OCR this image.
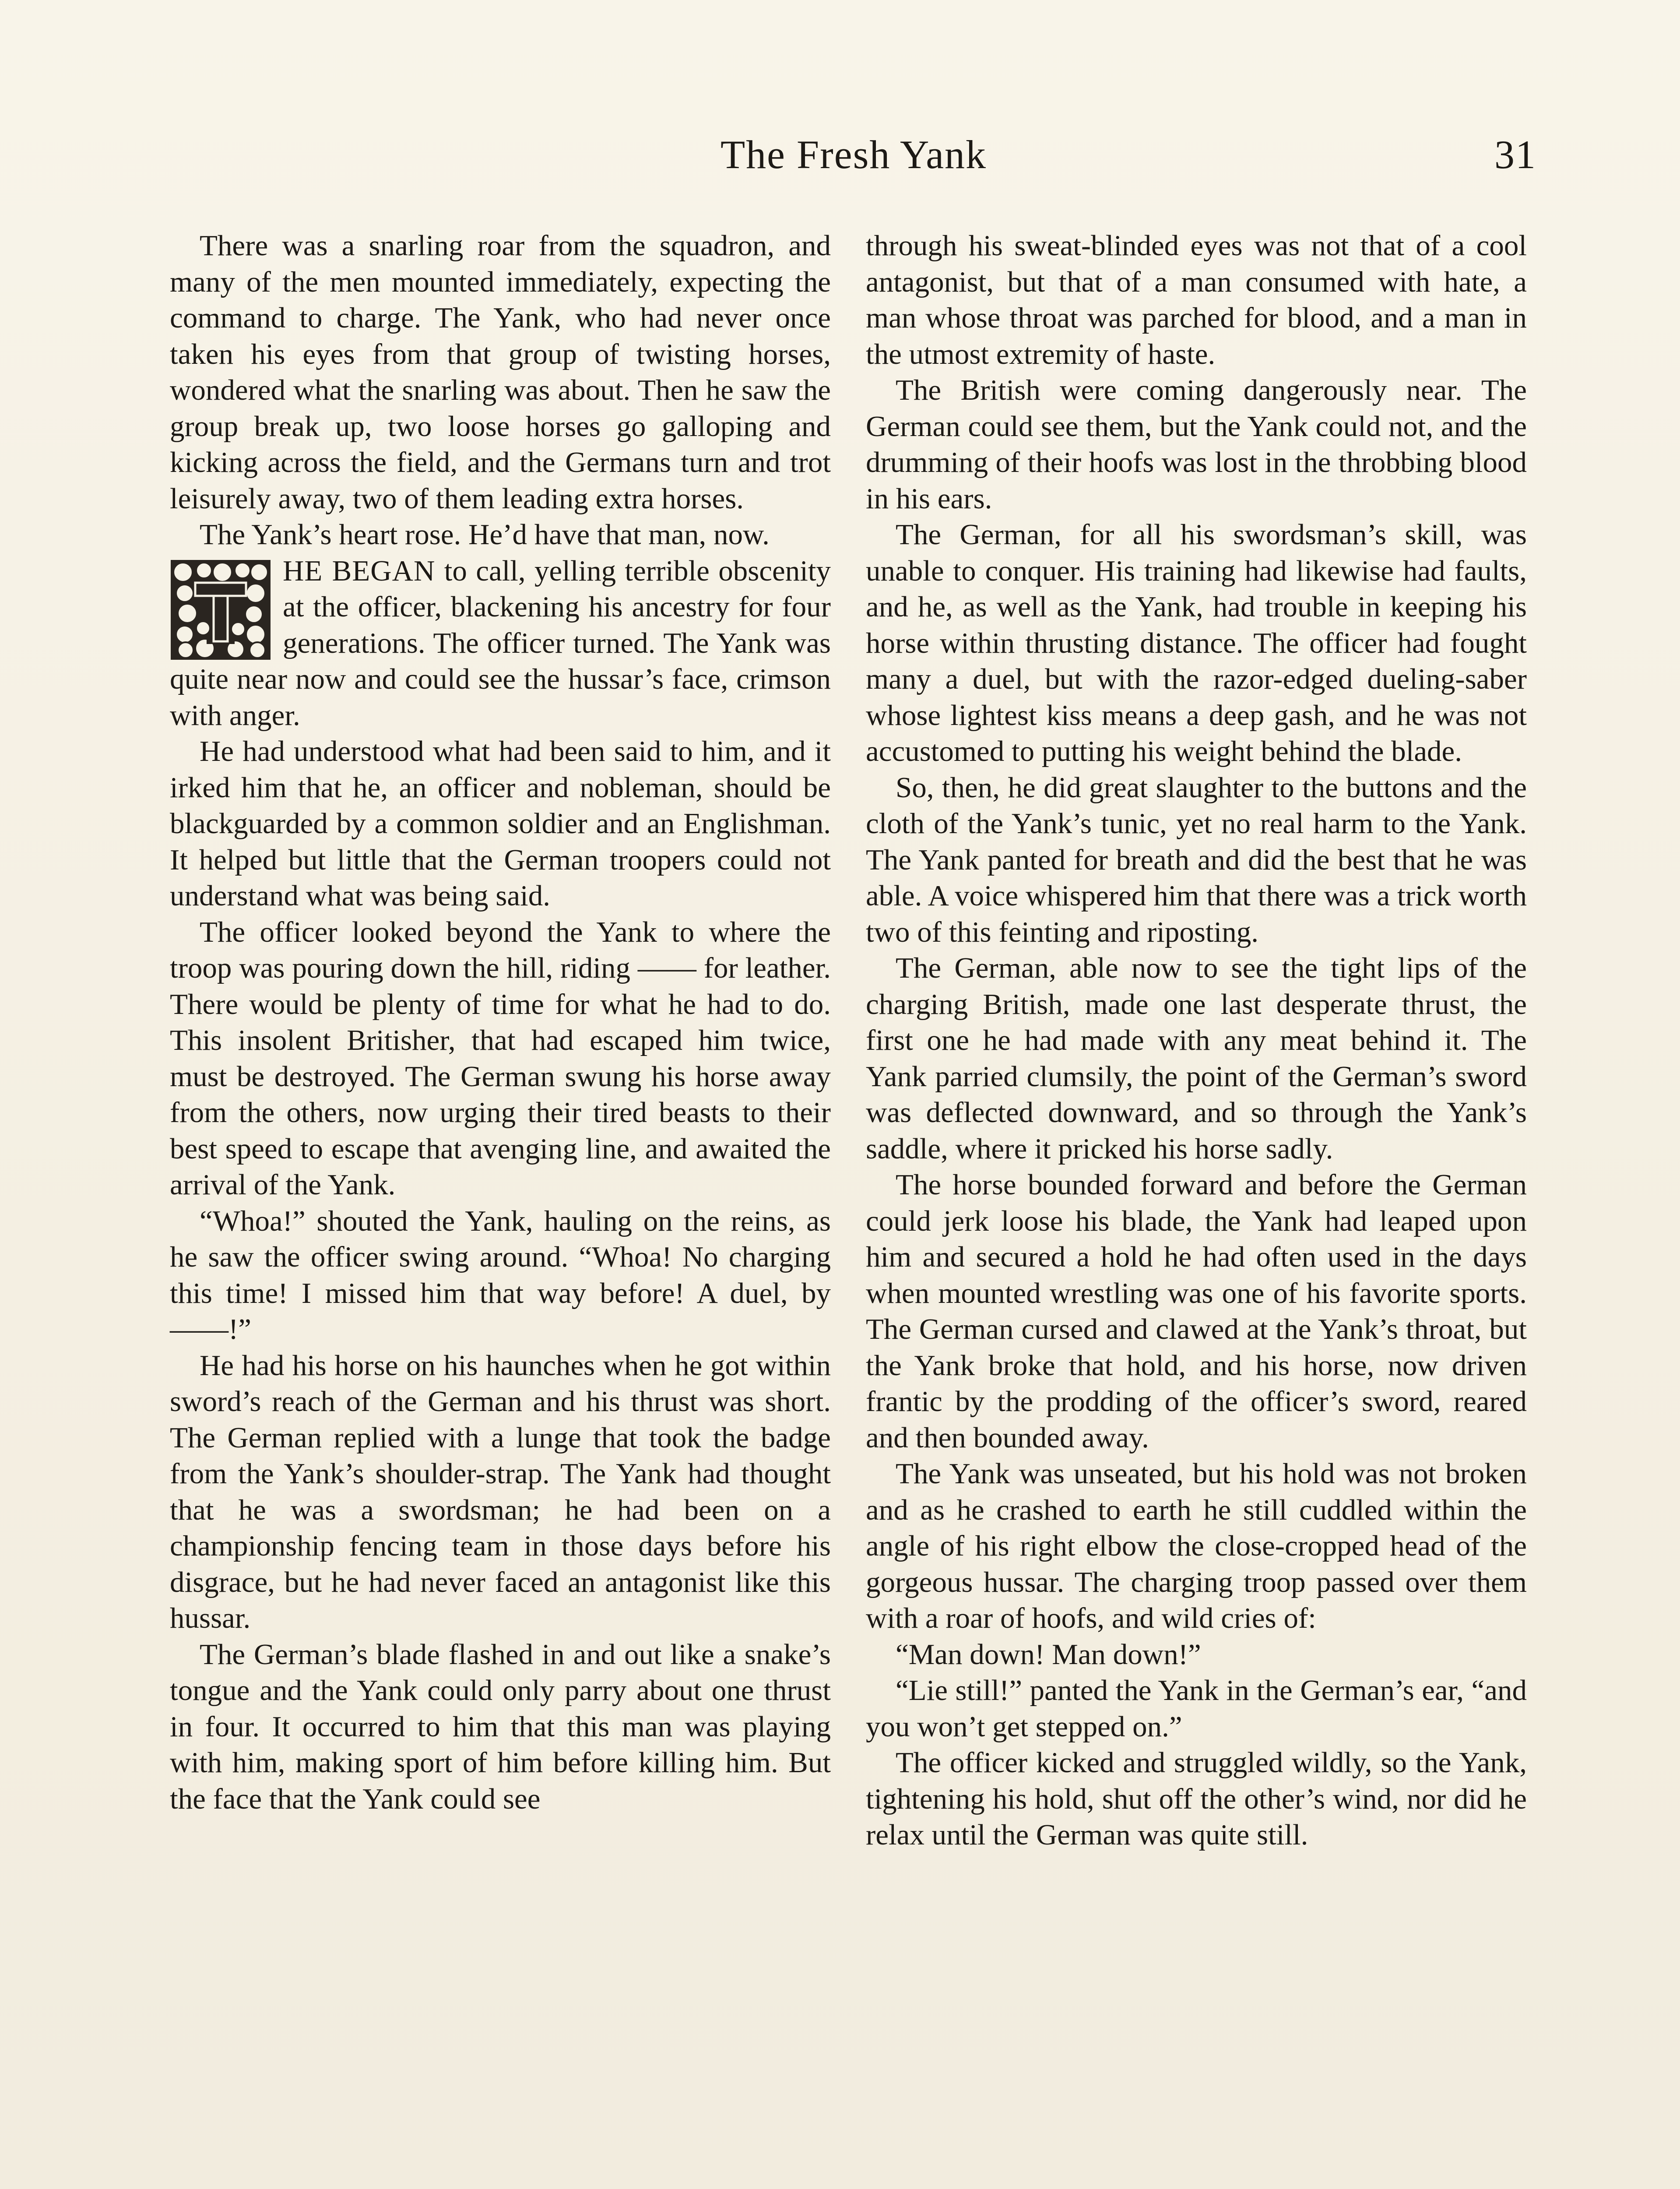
The Fresh Yank	31

There was a snarling roar from the squadron, and many of the men mounted immediately, expecting the command to charge. The Yank, who had never once taken his eyes from that group of twisting horses, wondered what the snarling was about. Then he saw the group break up, two loose horses go galloping and kicking across the field, and the Germans turn and trot leisurely away, two of them leading extra horses.

The Yank’s heart rose. He’d have that man, now.

HE BEGAN to call, yelling terrible obscenity at the officer, blackening his ancestry for four generations. The officer turned. The Yank was quite near now and could see the hussar’s face, crimson with anger.

He had understood what had been said to him, and it irked him that he, an officer and nobleman, should be blackguarded by a common soldier and an Englishman. It helped but little that the German troopers could not understand what was being said.

The officer looked beyond the Yank to where the troop was pouring down the hill, riding —— for leather. There would be plenty of time for what he had to do. This insolent Britisher, that had escaped him twice, must be destroyed. The German swung his horse away from the others, now urging their tired beasts to their best speed to escape that avenging line, and awaited the arrival of the Yank.

“Whoa!” shouted the Yank, hauling on the reins, as he saw the officer swing around. “Whoa! No charging this time! I missed him that way before! A duel, by——!”

He had his horse on his haunches when he got within sword’s reach of the German and his thrust was short. The German replied with a lunge that took the badge from the Yank’s shoulder-strap. The Yank had thought that he was a swordsman; he had been on a championship fencing team in those days before his disgrace, but he had never faced an antagonist like this hussar.

The German’s blade flashed in and out like a snake’s tongue and the Yank could only parry about one thrust in four. It occurred to him that this man was playing with him, making sport of him before killing him. But the face that the Yank could see

through his sweat-blinded eyes was not that of a cool antagonist, but that of a man consumed with hate, a man whose throat was parched for blood, and a man in the utmost extremity of haste.

The British were coming dangerously near. The German could see them, but the Yank could not, and the drumming of their hoofs was lost in the throbbing blood in his ears.

The German, for all his swordsman’s skill, was unable to conquer. His training had likewise had faults, and he, as well as the Yank, had trouble in keeping his horse within thrusting distance. The officer had fought many a duel, but with the razor-edged dueling-saber whose lightest kiss means a deep gash, and he was not accustomed to putting his weight behind the blade.

So, then, he did great slaughter to the buttons and the cloth of the Yank’s tunic, yet no real harm to the Yank. The Yank panted for breath and did the best that he was able. A voice whispered him that there was a trick worth two of this feinting and riposting.

The German, able now to see the tight lips of the charging British, made one last desperate thrust, the first one he had made with any meat behind it. The Yank parried clumsily, the point of the German’s sword was deflected downward, and so through the Yank’s saddle, where it pricked his horse sadly.

The horse bounded forward and before the German could jerk loose his blade, the Yank had leaped upon him and secured a hold he had often used in the days when mounted wrestling was one of his favorite sports. The German cursed and clawed at the Yank’s throat, but the Yank broke that hold, and his horse, now driven frantic by the prodding of the officer’s sword, reared and then bounded away.

The Yank was unseated, but his hold was not broken and as he crashed to earth he still cuddled within the angle of his right elbow the close-cropped head of the gorgeous hussar. The charging troop passed over them with a roar of hoofs, and wild cries of:

“Man down! Man down!”

“Lie still!” panted the Yank in the German’s ear, “and you won’t get stepped on.”

The officer kicked and struggled wildly, so the Yank, tightening his hold, shut off the other’s wind, nor did he relax until the German was quite still.
